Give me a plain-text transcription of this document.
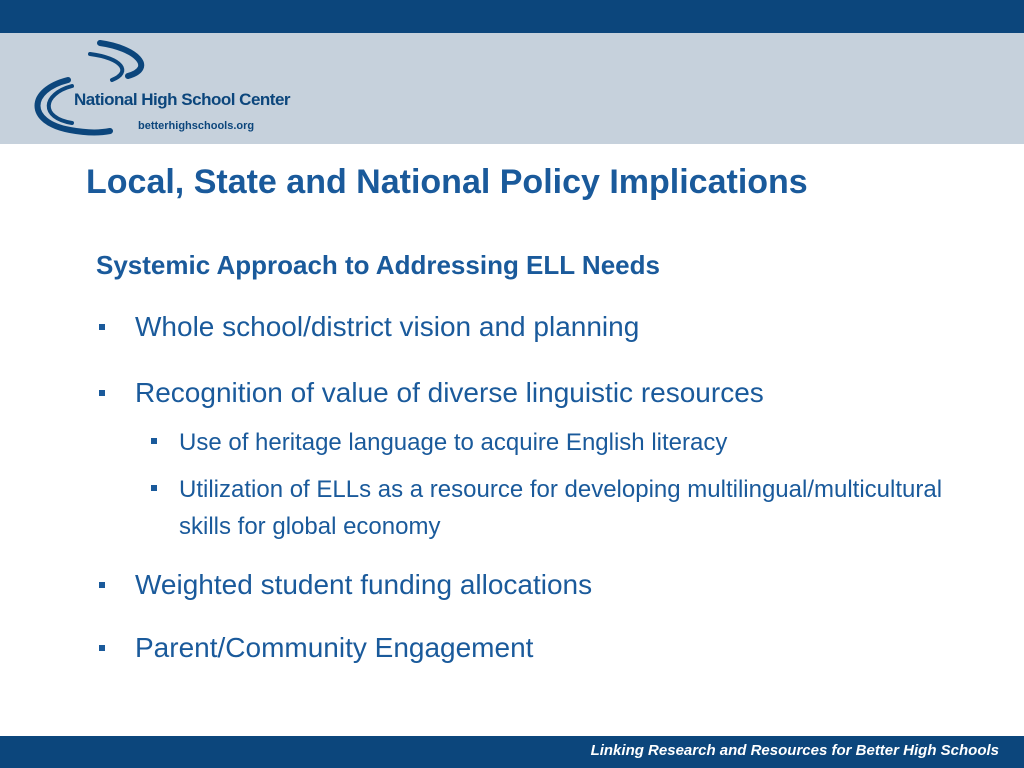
National High School Center
betterhighschools.org
Local, State and National Policy Implications
Systemic Approach to Addressing ELL Needs
Whole school/district vision and planning
Recognition of value of diverse linguistic resources
Use of heritage language to acquire English literacy
Utilization of ELLs as a resource for developing multilingual/multicultural skills for global economy
Weighted student funding allocations
Parent/Community Engagement
Linking Research and Resources for Better High Schools
